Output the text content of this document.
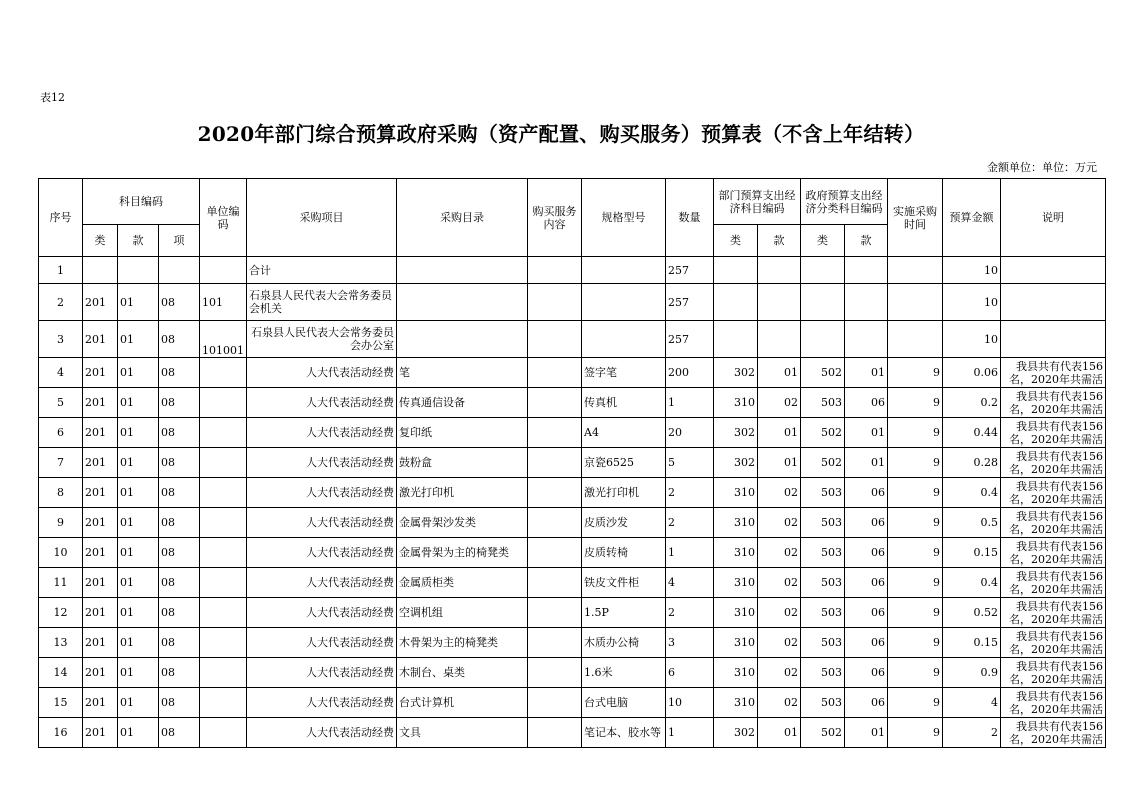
表12
2020年部门综合预算政府采购（资产配置、购买服务）预算表（不含上年结转）
金额单位：单位：万元
序号	科目编码			单位编码	采购项目	采购目录	购买服务内容	规格型号	数量	部门预算支出经济科目编码		政府预算支出经济分类科目编码		实施采购时间	预算金额	说明
	类	款	项							类	款	类	款			
1					合计				257						10	

2	201	01	08	101	石泉县人民代表大会常务委员会机关				257						10	

3	201	01	08	101001	石泉县人民代表大会常务委员会办公室				257						10	

4	201	01	08		人大代表活动经费	笔		签字笔	200	302	01	502	01	9	0.06	我县共有代表156名，2020年共需活

5	201	01	08		人大代表活动经费	传真通信设备		传真机	1	310	02	503	06	9	0.2	我县共有代表156名，2020年共需活

6	201	01	08		人大代表活动经费	复印纸		A4	20	302	01	502	01	9	0.44	我县共有代表156名，2020年共需活

7	201	01	08		人大代表活动经费	鼓粉盒		京瓷6525	5	302	01	502	01	9	0.28	我县共有代表156名，2020年共需活

8	201	01	08		人大代表活动经费	激光打印机		激光打印机	2	310	02	503	06	9	0.4	我县共有代表156名，2020年共需活

9	201	01	08		人大代表活动经费	金属骨架沙发类		皮质沙发	2	310	02	503	06	9	0.5	我县共有代表156名，2020年共需活

10	201	01	08		人大代表活动经费	金属骨架为主的椅凳类		皮质转椅	1	310	02	503	06	9	0.15	我县共有代表156名，2020年共需活

11	201	01	08		人大代表活动经费	金属质柜类		铁皮文件柜	4	310	02	503	06	9	0.4	我县共有代表156名，2020年共需活

12	201	01	08		人大代表活动经费	空调机组		1.5P	2	310	02	503	06	9	0.52	我县共有代表156名，2020年共需活

13	201	01	08		人大代表活动经费	木骨架为主的椅凳类		木质办公椅	3	310	02	503	06	9	0.15	我县共有代表156名，2020年共需活

14	201	01	08		人大代表活动经费	木制台、桌类		1.6米	6	310	02	503	06	9	0.9	我县共有代表156名，2020年共需活

15	201	01	08		人大代表活动经费	台式计算机		台式电脑	10	310	02	503	06	9	4	我县共有代表156名，2020年共需活

16	201	01	08		人大代表活动经费	文具		笔记本、胶水等	1	302	01	502	01	9	2	我县共有代表156名，2020年共需活
